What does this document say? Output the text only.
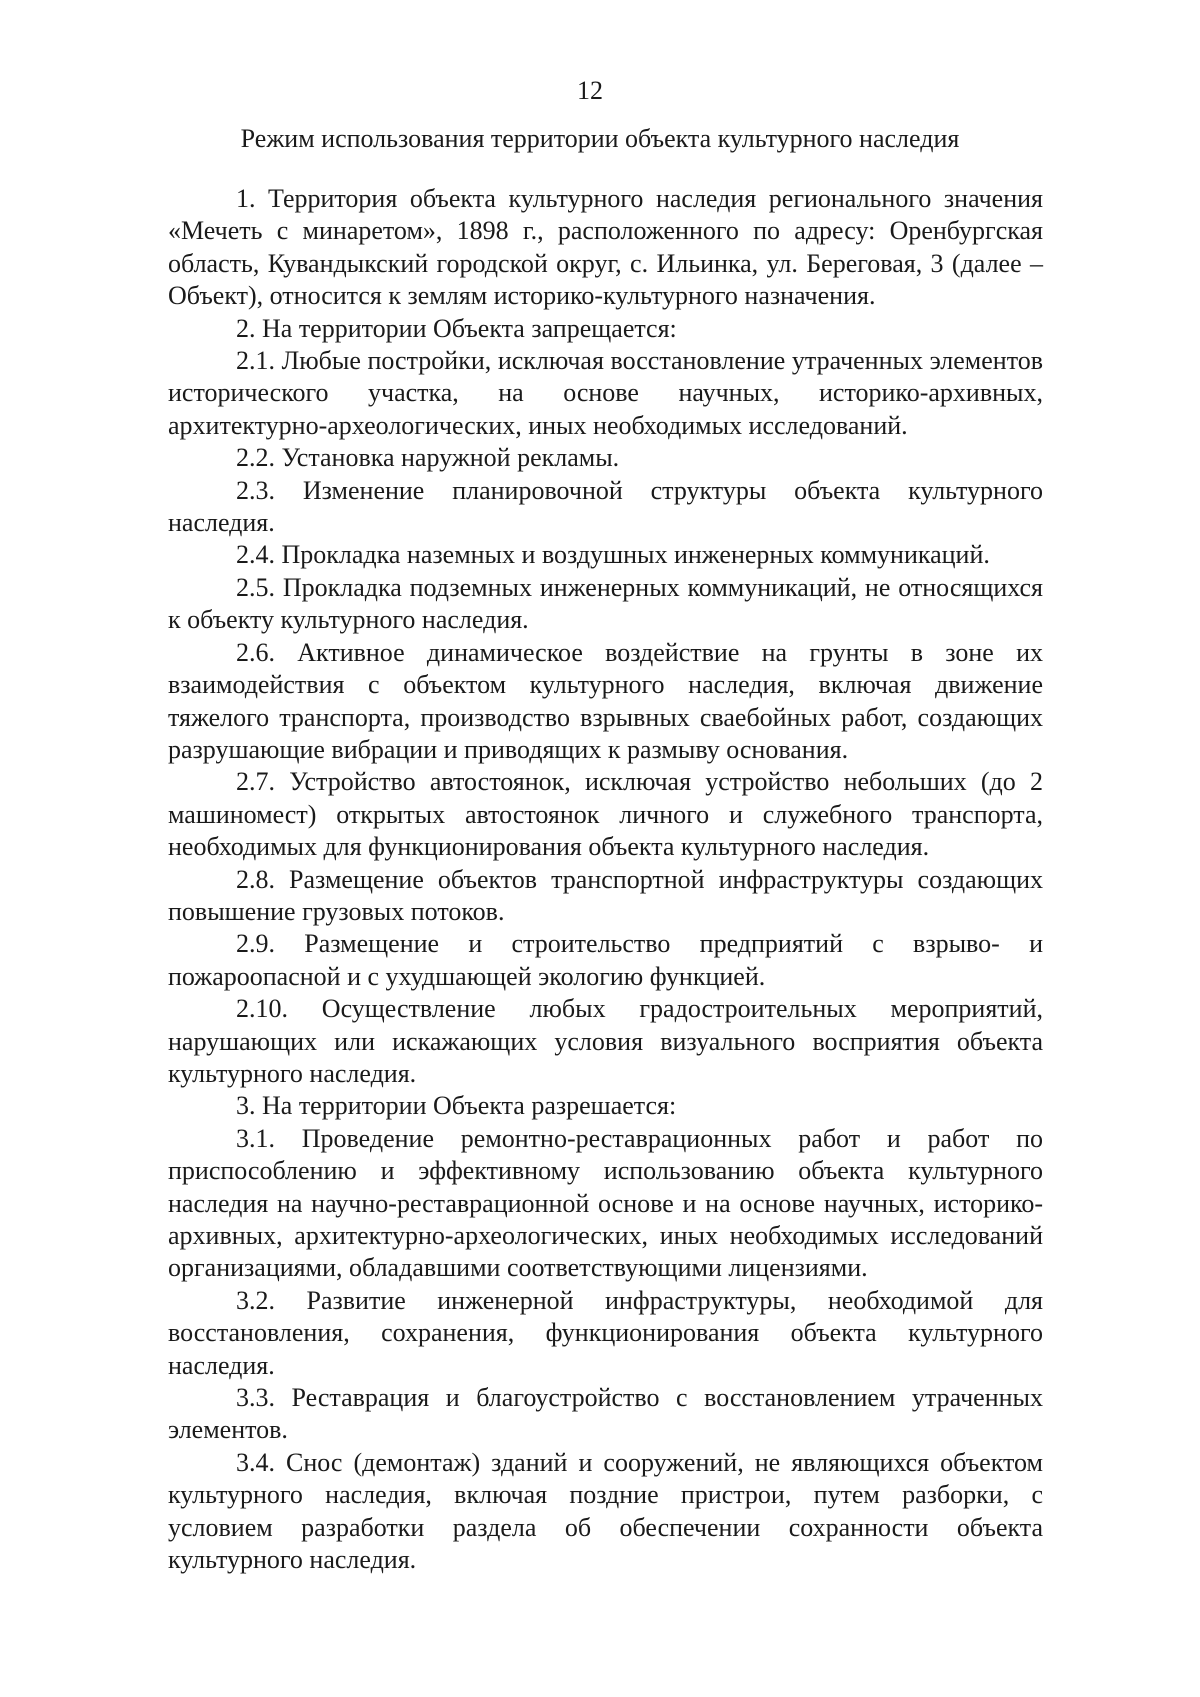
12
Режим использования территории объекта культурного наследия

1. Территория объекта культурного наследия регионального значения «Мечеть с минаретом», 1898 г., расположенного по адресу: Оренбургская область, Кувандыкский городской округ, с. Ильинка, ул. Береговая, 3 (далее – Объект), относится к землям историко-культурного назначения.

2. На территории Объекта запрещается:

2.1. Любые постройки, исключая восстановление утраченных элементов исторического участка, на основе научных, историко-архивных, архитектурно-археологических, иных необходимых исследований.

2.2. Установка наружной рекламы.

2.3. Изменение планировочной структуры объекта культурного наследия.

2.4. Прокладка наземных и воздушных инженерных коммуникаций.

2.5. Прокладка подземных инженерных коммуникаций, не относящихся к объекту культурного наследия.

2.6. Активное динамическое воздействие на грунты в зоне их взаимодействия с объектом культурного наследия, включая движение тяжелого транспорта, производство взрывных сваебойных работ, создающих разрушающие вибрации и приводящих к размыву основания.

2.7. Устройство автостоянок, исключая устройство небольших (до 2 машиномест) открытых автостоянок личного и служебного транспорта, необходимых для функционирования объекта культурного наследия.

2.8. Размещение объектов транспортной инфраструктуры создающих повышение грузовых потоков.

2.9. Размещение и строительство предприятий с взрыво- и пожароопасной и с ухудшающей экологию функцией.

2.10. Осуществление любых градостроительных мероприятий, нарушающих или искажающих условия визуального восприятия объекта культурного наследия.

3. На территории Объекта разрешается:

3.1. Проведение ремонтно-реставрационных работ и работ по приспособлению и эффективному использованию объекта культурного наследия на научно-реставрационной основе и на основе научных, историко-архивных, архитектурно-археологических, иных необходимых исследований организациями, обладавшими соответствующими лицензиями.

3.2. Развитие инженерной инфраструктуры, необходимой для восстановления, сохранения, функционирования объекта культурного наследия.

3.3. Реставрация и благоустройство с восстановлением утраченных элементов.

3.4. Снос (демонтаж) зданий и сооружений, не являющихся объектом культурного наследия, включая поздние пристрои, путем разборки, с условием разработки раздела об обеспечении сохранности объекта культурного наследия.
